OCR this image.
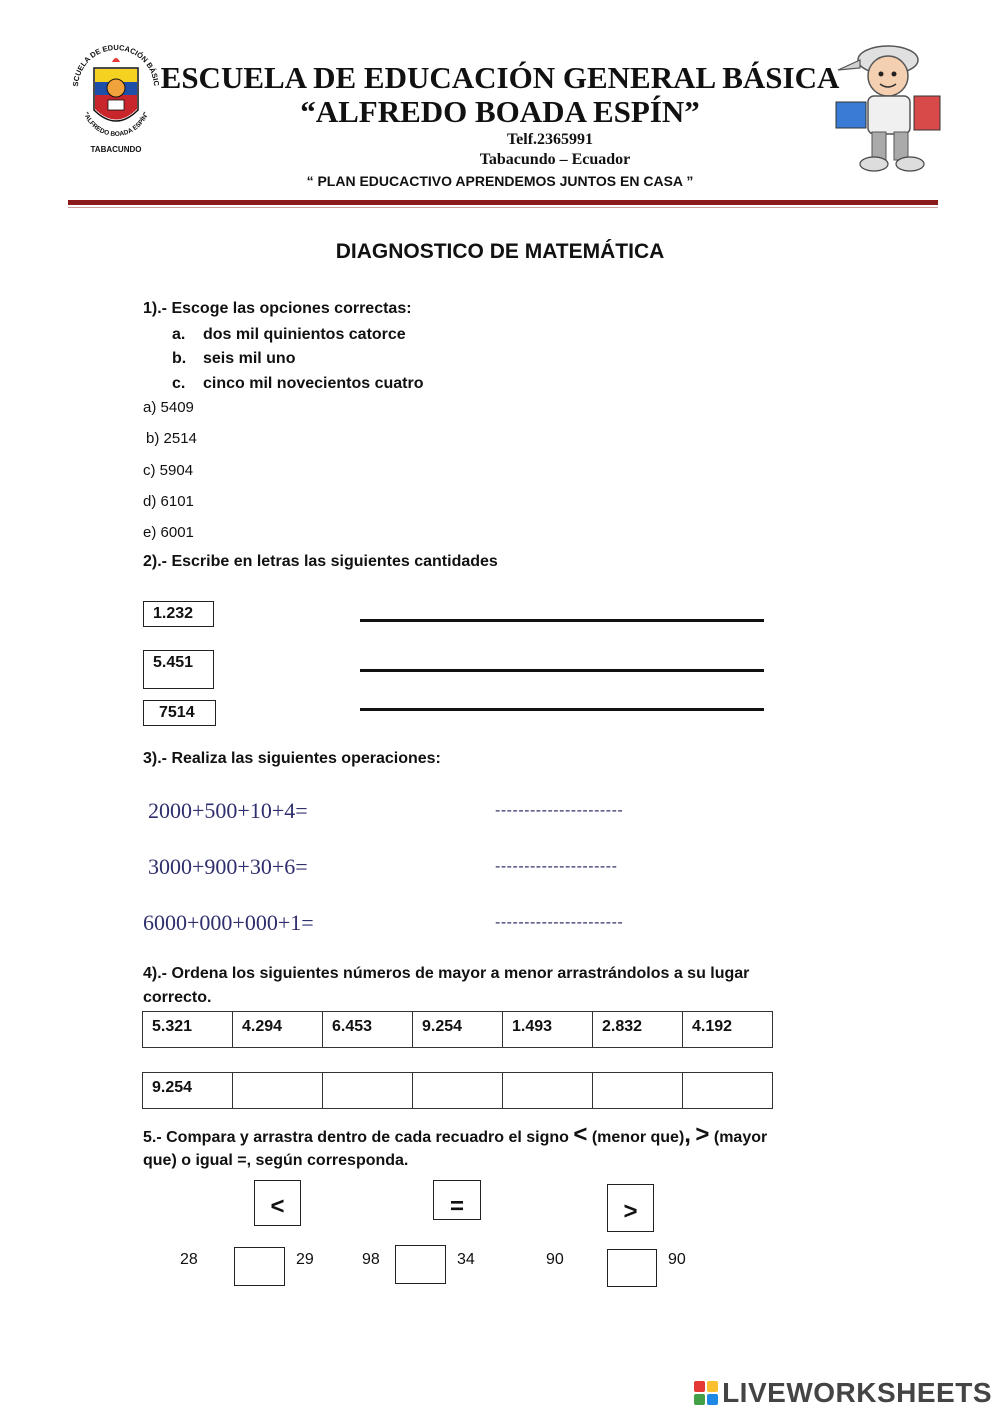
SCUELA DE EDUCACIÓN BÁSIC
"ALFREDO BOADA ESPÍN"
TABACUNDO
ESCUELA DE EDUCACIÓN GENERAL BÁSICA
“ALFREDO BOADA ESPÍN”
Telf.2365991
Tabacundo – Ecuador
“ PLAN EDUCACTIVO APRENDEMOS JUNTOS EN CASA ”
DIAGNOSTICO DE MATEMÁTICA
1).- Escoge las opciones correctas:
a. dos mil quinientos catorce
b. seis mil uno
c. cinco mil novecientos cuatro
a) 5409
b) 2514
c) 5904
d) 6101
e) 6001
2).- Escribe en letras las siguientes cantidades
1.232
5.451
7514
3).- Realiza las siguientes operaciones:
2000+500+10+4=	----------------------
3000+900+30+6=	---------------------
6000+000+000+1=	----------------------
4).- Ordena los siguientes números de mayor a menor arrastrándolos a su lugar
correcto.
5.321	4.294	6.453	9.254	1.493	2.832	4.192
9.254						
5.- Compara y arrastra dentro de cada recuadro el signo < (menor que), > (mayor
que) o igual =, según corresponda.
<	=	>
28	29	98	34	90	90
LIVEWORKSHEETS
